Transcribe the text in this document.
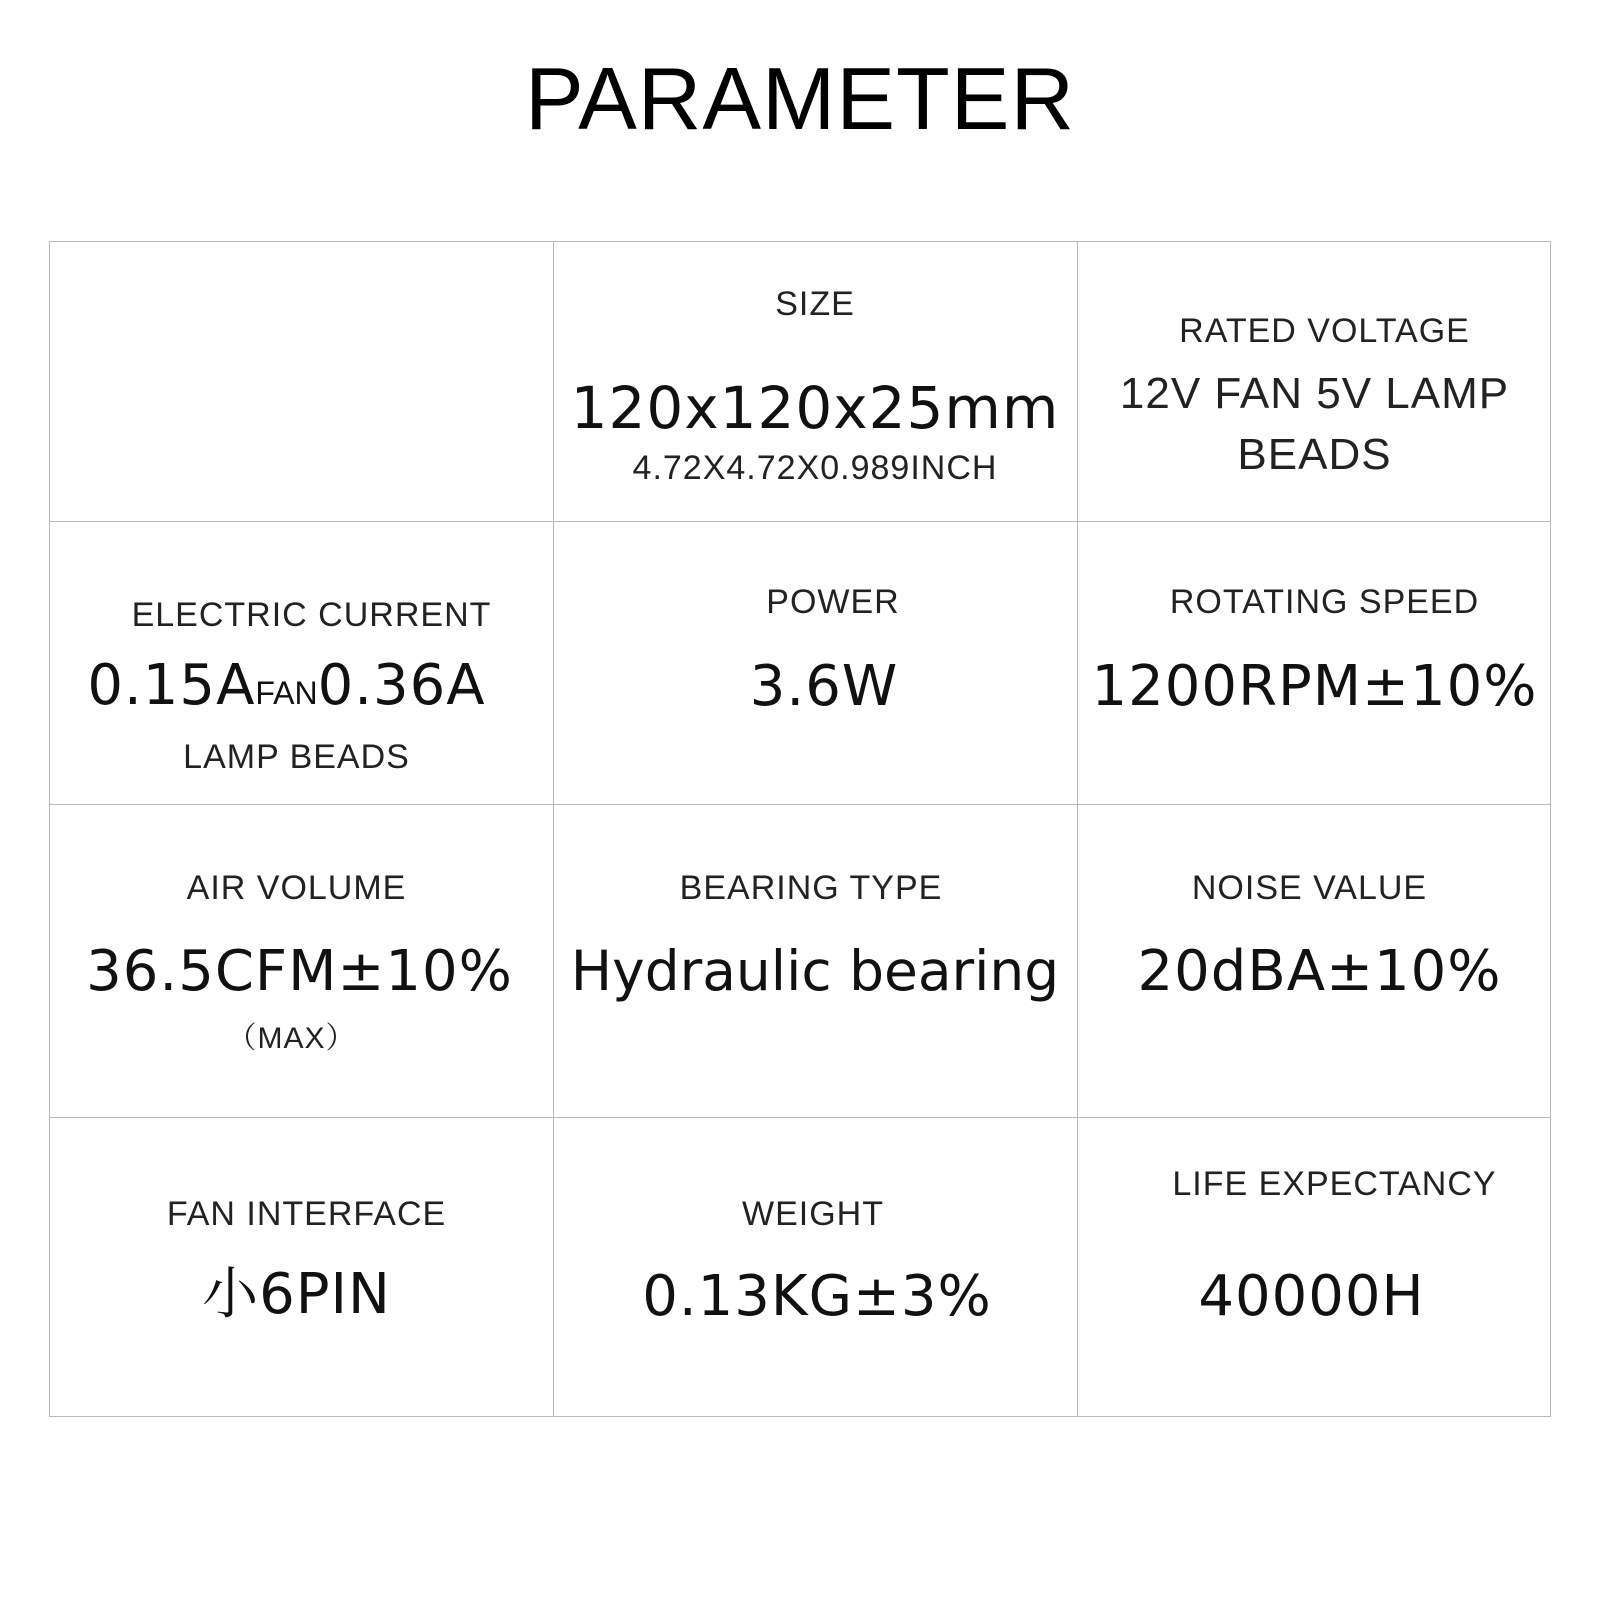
PARAMETER
SIZE
120x120x25mm
4.72X4.72X0.989INCH
RATED VOLTAGE
12V FAN 5V LAMP
BEADS
ELECTRIC CURRENT
0.15AFAN0.36A
LAMP BEADS
POWER
3.6W
ROTATING SPEED
1200RPM±10%
AIR VOLUME
36.5CFM±10%
（MAX）
BEARING TYPE
Hydraulic bearing
NOISE VALUE
20dBA±10%
FAN INTERFACE
小6PIN
WEIGHT
0.13KG±3%
LIFE EXPECTANCY
40000H
